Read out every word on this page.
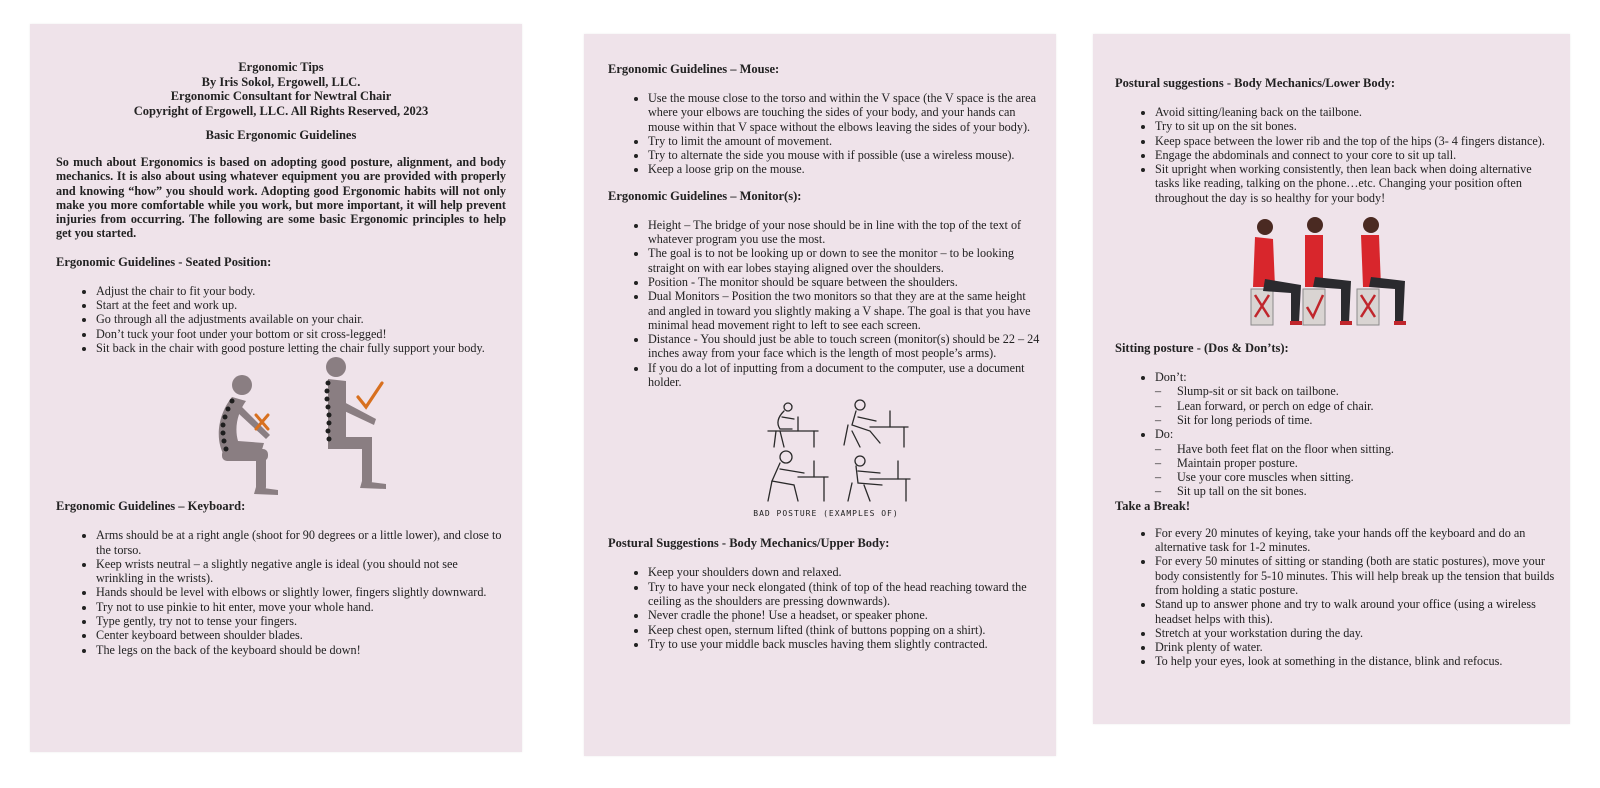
Ergonomic Tips
By Iris Sokol, Ergowell, LLC.
Ergonomic Consultant for Newtral Chair
Copyright of Ergowell, LLC. All Rights Reserved, 2023
Basic Ergonomic Guidelines

So much about Ergonomics is based on adopting good posture, alignment, and body mechanics. It is also about using whatever equipment you are provided with properly and knowing “how” you should work. Adopting good Ergonomic habits will not only make you more comfortable while you work, but more important, it will help prevent injuries from occurring. The following are some basic Ergonomic principles to help get you started.

Ergonomic Guidelines - Seated Position:
• Adjust the chair to fit your body.
• Start at the feet and work up.
• Go through all the adjustments available on your chair.
• Don’t tuck your foot under your bottom or sit cross-legged!
• Sit back in the chair with good posture letting the chair fully support your body.
Ergonomic Guidelines – Keyboard:
• Arms should be at a right angle (shoot for 90 degrees or a little lower), and close to the torso.
• Keep wrists neutral – a slightly negative angle is ideal (you should not see wrinkling in the wrists).
• Hands should be level with elbows or slightly lower, fingers slightly downward.
• Try not to use pinkie to hit enter, move your whole hand.
• Type gently, try not to tense your fingers.
• Center keyboard between shoulder blades.
• The legs on the back of the keyboard should be down!
Ergonomic Guidelines – Mouse:
• Use the mouse close to the torso and within the V space (the V space is the area where your elbows are touching the sides of your body, and your hands can mouse within that V space without the elbows leaving the sides of your body).
• Try to limit the amount of movement.
• Try to alternate the side you mouse with if possible (use a wireless mouse).
• Keep a loose grip on the mouse.
Ergonomic Guidelines – Monitor(s):
• Height – The bridge of your nose should be in line with the top of the text of whatever program you use the most.
• The goal is to not be looking up or down to see the monitor – to be looking straight on with ear lobes staying aligned over the shoulders.
• Position - The monitor should be square between the shoulders.
• Dual Monitors – Position the two monitors so that they are at the same height and angled in toward you slightly making a V shape. The goal is that you have minimal head movement right to left to see each screen.
• Distance - You should just be able to touch screen (monitor(s) should be 22 – 24 inches away from your face which is the length of most people’s arms).
• If you do a lot of inputting from a document to the computer, use a document holder.
BAD POSTURE (EXAMPLES OF)
Postural Suggestions - Body Mechanics/Upper Body:
• Keep your shoulders down and relaxed.
• Try to have your neck elongated (think of top of the head reaching toward the ceiling as the shoulders are pressing downwards).
• Never cradle the phone! Use a headset, or speaker phone.
• Keep chest open, sternum lifted (think of buttons popping on a shirt).
• Try to use your middle back muscles having them slightly contracted.
Postural suggestions - Body Mechanics/Lower Body:
• Avoid sitting/leaning back on the tailbone.
• Try to sit up on the sit bones.
• Keep space between the lower rib and the top of the hips (3- 4 fingers distance).
• Engage the abdominals and connect to your core to sit up tall.
• Sit upright when working consistently, then lean back when doing alternative tasks like reading, talking on the phone…etc. Changing your position often throughout the day is so healthy for your body!
Sitting posture - (Dos & Don’ts):
• Don’t:
– Slump-sit or sit back on tailbone.
– Lean forward, or perch on edge of chair.
– Sit for long periods of time.
• Do:
– Have both feet flat on the floor when sitting.
– Maintain proper posture.
– Use your core muscles when sitting.
– Sit up tall on the sit bones.
Take a Break!
• For every 20 minutes of keying, take your hands off the keyboard and do an alternative task for 1-2 minutes.
• For every 50 minutes of sitting or standing (both are static postures), move your body consistently for 5-10 minutes. This will help break up the tension that builds from holding a static posture.
• Stand up to answer phone and try to walk around your office (using a wireless headset helps with this).
• Stretch at your workstation during the day.
• Drink plenty of water.
• To help your eyes, look at something in the distance, blink and refocus.
